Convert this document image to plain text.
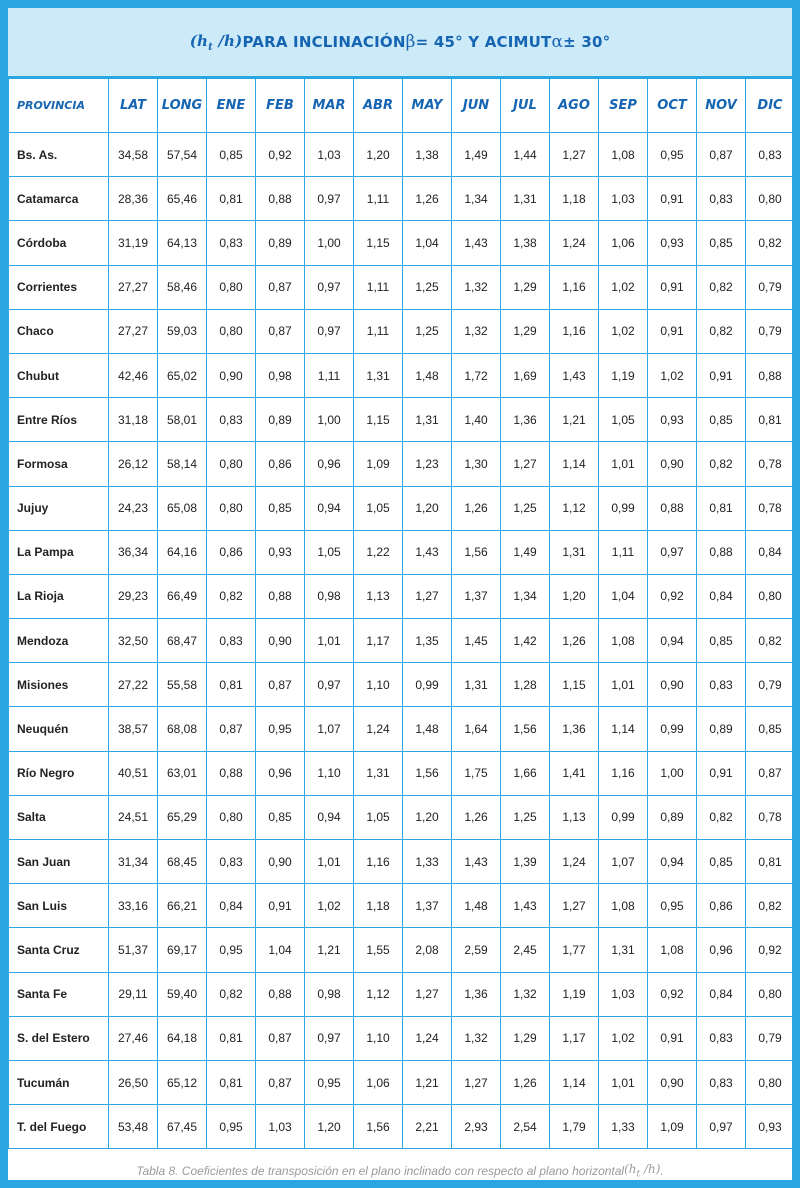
($h_t$ /h) PARA INCLINACIÓN β = 45° Y ACIMUT α ± 30°
PROVINCIA	LAT	LONG	ENE	FEB	MAR	ABR	MAY	JUN	JUL	AGO	SEP	OCT	NOV	DIC
Bs. As.	34,58	57,54	0,85	0,92	1,03	1,20	1,38	1,49	1,44	1,27	1,08	0,95	0,87	0,83
Catamarca	28,36	65,46	0,81	0,88	0,97	1,11	1,26	1,34	1,31	1,18	1,03	0,91	0,83	0,80
Córdoba	31,19	64,13	0,83	0,89	1,00	1,15	1,04	1,43	1,38	1,24	1,06	0,93	0,85	0,82
Corrientes	27,27	58,46	0,80	0,87	0,97	1,11	1,25	1,32	1,29	1,16	1,02	0,91	0,82	0,79
Chaco	27,27	59,03	0,80	0,87	0,97	1,11	1,25	1,32	1,29	1,16	1,02	0,91	0,82	0,79
Chubut	42,46	65,02	0,90	0,98	1,11	1,31	1,48	1,72	1,69	1,43	1,19	1,02	0,91	0,88
Entre Ríos	31,18	58,01	0,83	0,89	1,00	1,15	1,31	1,40	1,36	1,21	1,05	0,93	0,85	0,81
Formosa	26,12	58,14	0,80	0,86	0,96	1,09	1,23	1,30	1,27	1,14	1,01	0,90	0,82	0,78
Jujuy	24,23	65,08	0,80	0,85	0,94	1,05	1,20	1,26	1,25	1,12	0,99	0,88	0,81	0,78
La Pampa	36,34	64,16	0,86	0,93	1,05	1,22	1,43	1,56	1,49	1,31	1,11	0,97	0,88	0,84
La Rioja	29,23	66,49	0,82	0,88	0,98	1,13	1,27	1,37	1,34	1,20	1,04	0,92	0,84	0,80
Mendoza	32,50	68,47	0,83	0,90	1,01	1,17	1,35	1,45	1,42	1,26	1,08	0,94	0,85	0,82
Misiones	27,22	55,58	0,81	0,87	0,97	1,10	0,99	1,31	1,28	1,15	1,01	0,90	0,83	0,79
Neuquén	38,57	68,08	0,87	0,95	1,07	1,24	1,48	1,64	1,56	1,36	1,14	0,99	0,89	0,85
Río Negro	40,51	63,01	0,88	0,96	1,10	1,31	1,56	1,75	1,66	1,41	1,16	1,00	0,91	0,87
Salta	24,51	65,29	0,80	0,85	0,94	1,05	1,20	1,26	1,25	1,13	0,99	0,89	0,82	0,78
San Juan	31,34	68,45	0,83	0,90	1,01	1,16	1,33	1,43	1,39	1,24	1,07	0,94	0,85	0,81
San Luis	33,16	66,21	0,84	0,91	1,02	1,18	1,37	1,48	1,43	1,27	1,08	0,95	0,86	0,82
Santa Cruz	51,37	69,17	0,95	1,04	1,21	1,55	2,08	2,59	2,45	1,77	1,31	1,08	0,96	0,92
Santa Fe	29,11	59,40	0,82	0,88	0,98	1,12	1,27	1,36	1,32	1,19	1,03	0,92	0,84	0,80
S. del Estero	27,46	64,18	0,81	0,87	0,97	1,10	1,24	1,32	1,29	1,17	1,02	0,91	0,83	0,79
Tucumán	26,50	65,12	0,81	0,87	0,95	1,06	1,21	1,27	1,26	1,14	1,01	0,90	0,83	0,80
T. del Fuego	53,48	67,45	0,95	1,03	1,20	1,56	2,21	2,93	2,54	1,79	1,33	1,09	0,97	0,93
Tabla 8. Coeficientes de transposición en el plano inclinado con respecto al plano horizontal ($h_t$ /h) .
